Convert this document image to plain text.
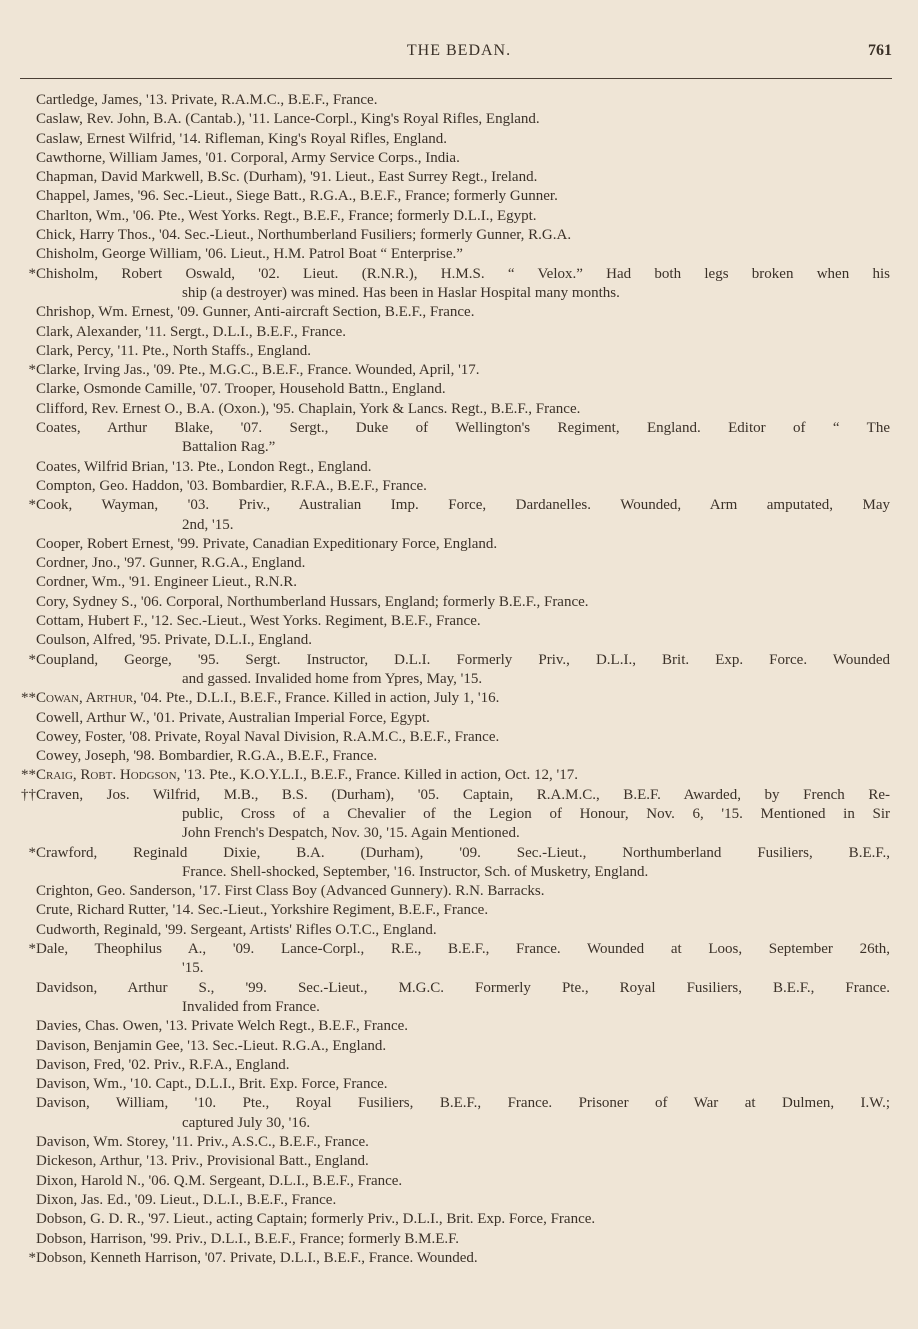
THE BEDAN.	761
Cartledge, James, '13. Private, R.A.M.C., B.E.F., France.
Caslaw, Rev. John, B.A. (Cantab.), '11. Lance-Corpl., King's Royal Rifles, England.
Caslaw, Ernest Wilfrid, '14. Rifleman, King's Royal Rifles, England.
Cawthorne, William James, '01. Corporal, Army Service Corps., India.
Chapman, David Markwell, B.Sc. (Durham), '91. Lieut., East Surrey Regt., Ireland.
Chappel, James, '96. Sec.-Lieut., Siege Batt., R.G.A., B.E.F., France; formerly Gunner.
Charlton, Wm., '06. Pte., West Yorks. Regt., B.E.F., France; formerly D.L.I., Egypt.
Chick, Harry Thos., '04. Sec.-Lieut., Northumberland Fusiliers; formerly Gunner, R.G.A.
Chisholm, George William, '06. Lieut., H.M. Patrol Boat “ Enterprise.”
* Chisholm, Robert Oswald, '02. Lieut. (R.N.R.), H.M.S. “ Velox.” Had both legs broken when his
ship (a destroyer) was mined. Has been in Haslar Hospital many months.
Chrishop, Wm. Ernest, '09. Gunner, Anti-aircraft Section, B.E.F., France.
Clark, Alexander, '11. Sergt., D.L.I., B.E.F., France.
Clark, Percy, '11. Pte., North Staffs., England.
* Clarke, Irving Jas., '09. Pte., M.G.C., B.E.F., France. Wounded, April, '17.
Clarke, Osmonde Camille, '07. Trooper, Household Battn., England.
Clifford, Rev. Ernest O., B.A. (Oxon.), '95. Chaplain, York & Lancs. Regt., B.E.F., France.
Coates, Arthur Blake, '07. Sergt., Duke of Wellington's Regiment, England. Editor of “ The
Battalion Rag.”
Coates, Wilfrid Brian, '13. Pte., London Regt., England.
Compton, Geo. Haddon, '03. Bombardier, R.F.A., B.E.F., France.
* Cook, Wayman, '03. Priv., Australian Imp. Force, Dardanelles. Wounded, Arm amputated, May
2nd, '15.
Cooper, Robert Ernest, '99. Private, Canadian Expeditionary Force, England.
Cordner, Jno., '97. Gunner, R.G.A., England.
Cordner, Wm., '91. Engineer Lieut., R.N.R.
Cory, Sydney S., '06. Corporal, Northumberland Hussars, England; formerly B.E.F., France.
Cottam, Hubert F., '12. Sec.-Lieut., West Yorks. Regiment, B.E.F., France.
Coulson, Alfred, '95. Private, D.L.I., England.
* Coupland, George, '95. Sergt. Instructor, D.L.I. Formerly Priv., D.L.I., Brit. Exp. Force. Wounded
and gassed. Invalided home from Ypres, May, '15.
** Cowan, Arthur, '04. Pte., D.L.I., B.E.F., France. Killed in action, July 1, '16.
Cowell, Arthur W., '01. Private, Australian Imperial Force, Egypt.
Cowey, Foster, '08. Private, Royal Naval Division, R.A.M.C., B.E.F., France.
Cowey, Joseph, '98. Bombardier, R.G.A., B.E.F., France.
** Craig, Robt. Hodgson, '13. Pte., K.O.Y.L.I., B.E.F., France. Killed in action, Oct. 12, '17.
†† Craven, Jos. Wilfrid, M.B., B.S. (Durham), '05. Captain, R.A.M.C., B.E.F. Awarded, by French Re-
public, Cross of a Chevalier of the Legion of Honour, Nov. 6, '15. Mentioned in Sir
John French's Despatch, Nov. 30, '15. Again Mentioned.
* Crawford, Reginald Dixie, B.A. (Durham), '09. Sec.-Lieut., Northumberland Fusiliers, B.E.F.,
France. Shell-shocked, September, '16. Instructor, Sch. of Musketry, England.
Crighton, Geo. Sanderson, '17. First Class Boy (Advanced Gunnery). R.N. Barracks.
Crute, Richard Rutter, '14. Sec.-Lieut., Yorkshire Regiment, B.E.F., France.
Cudworth, Reginald, '99. Sergeant, Artists' Rifles O.T.C., England.
* Dale, Theophilus A., '09. Lance-Corpl., R.E., B.E.F., France. Wounded at Loos, September 26th,
'15.
Davidson, Arthur S., '99. Sec.-Lieut., M.G.C. Formerly Pte., Royal Fusiliers, B.E.F., France.
Invalided from France.
Davies, Chas. Owen, '13. Private Welch Regt., B.E.F., France.
Davison, Benjamin Gee, '13. Sec.-Lieut. R.G.A., England.
Davison, Fred, '02. Priv., R.F.A., England.
Davison, Wm., '10. Capt., D.L.I., Brit. Exp. Force, France.
Davison, William, '10. Pte., Royal Fusiliers, B.E.F., France. Prisoner of War at Dulmen, I.W.;
captured July 30, '16.
Davison, Wm. Storey, '11. Priv., A.S.C., B.E.F., France.
Dickeson, Arthur, '13. Priv., Provisional Batt., England.
Dixon, Harold N., '06. Q.M. Sergeant, D.L.I., B.E.F., France.
Dixon, Jas. Ed., '09. Lieut., D.L.I., B.E.F., France.
Dobson, G. D. R., '97. Lieut., acting Captain; formerly Priv., D.L.I., Brit. Exp. Force, France.
Dobson, Harrison, '99. Priv., D.L.I., B.E.F., France; formerly B.M.E.F.
* Dobson, Kenneth Harrison, '07. Private, D.L.I., B.E.F., France. Wounded.
